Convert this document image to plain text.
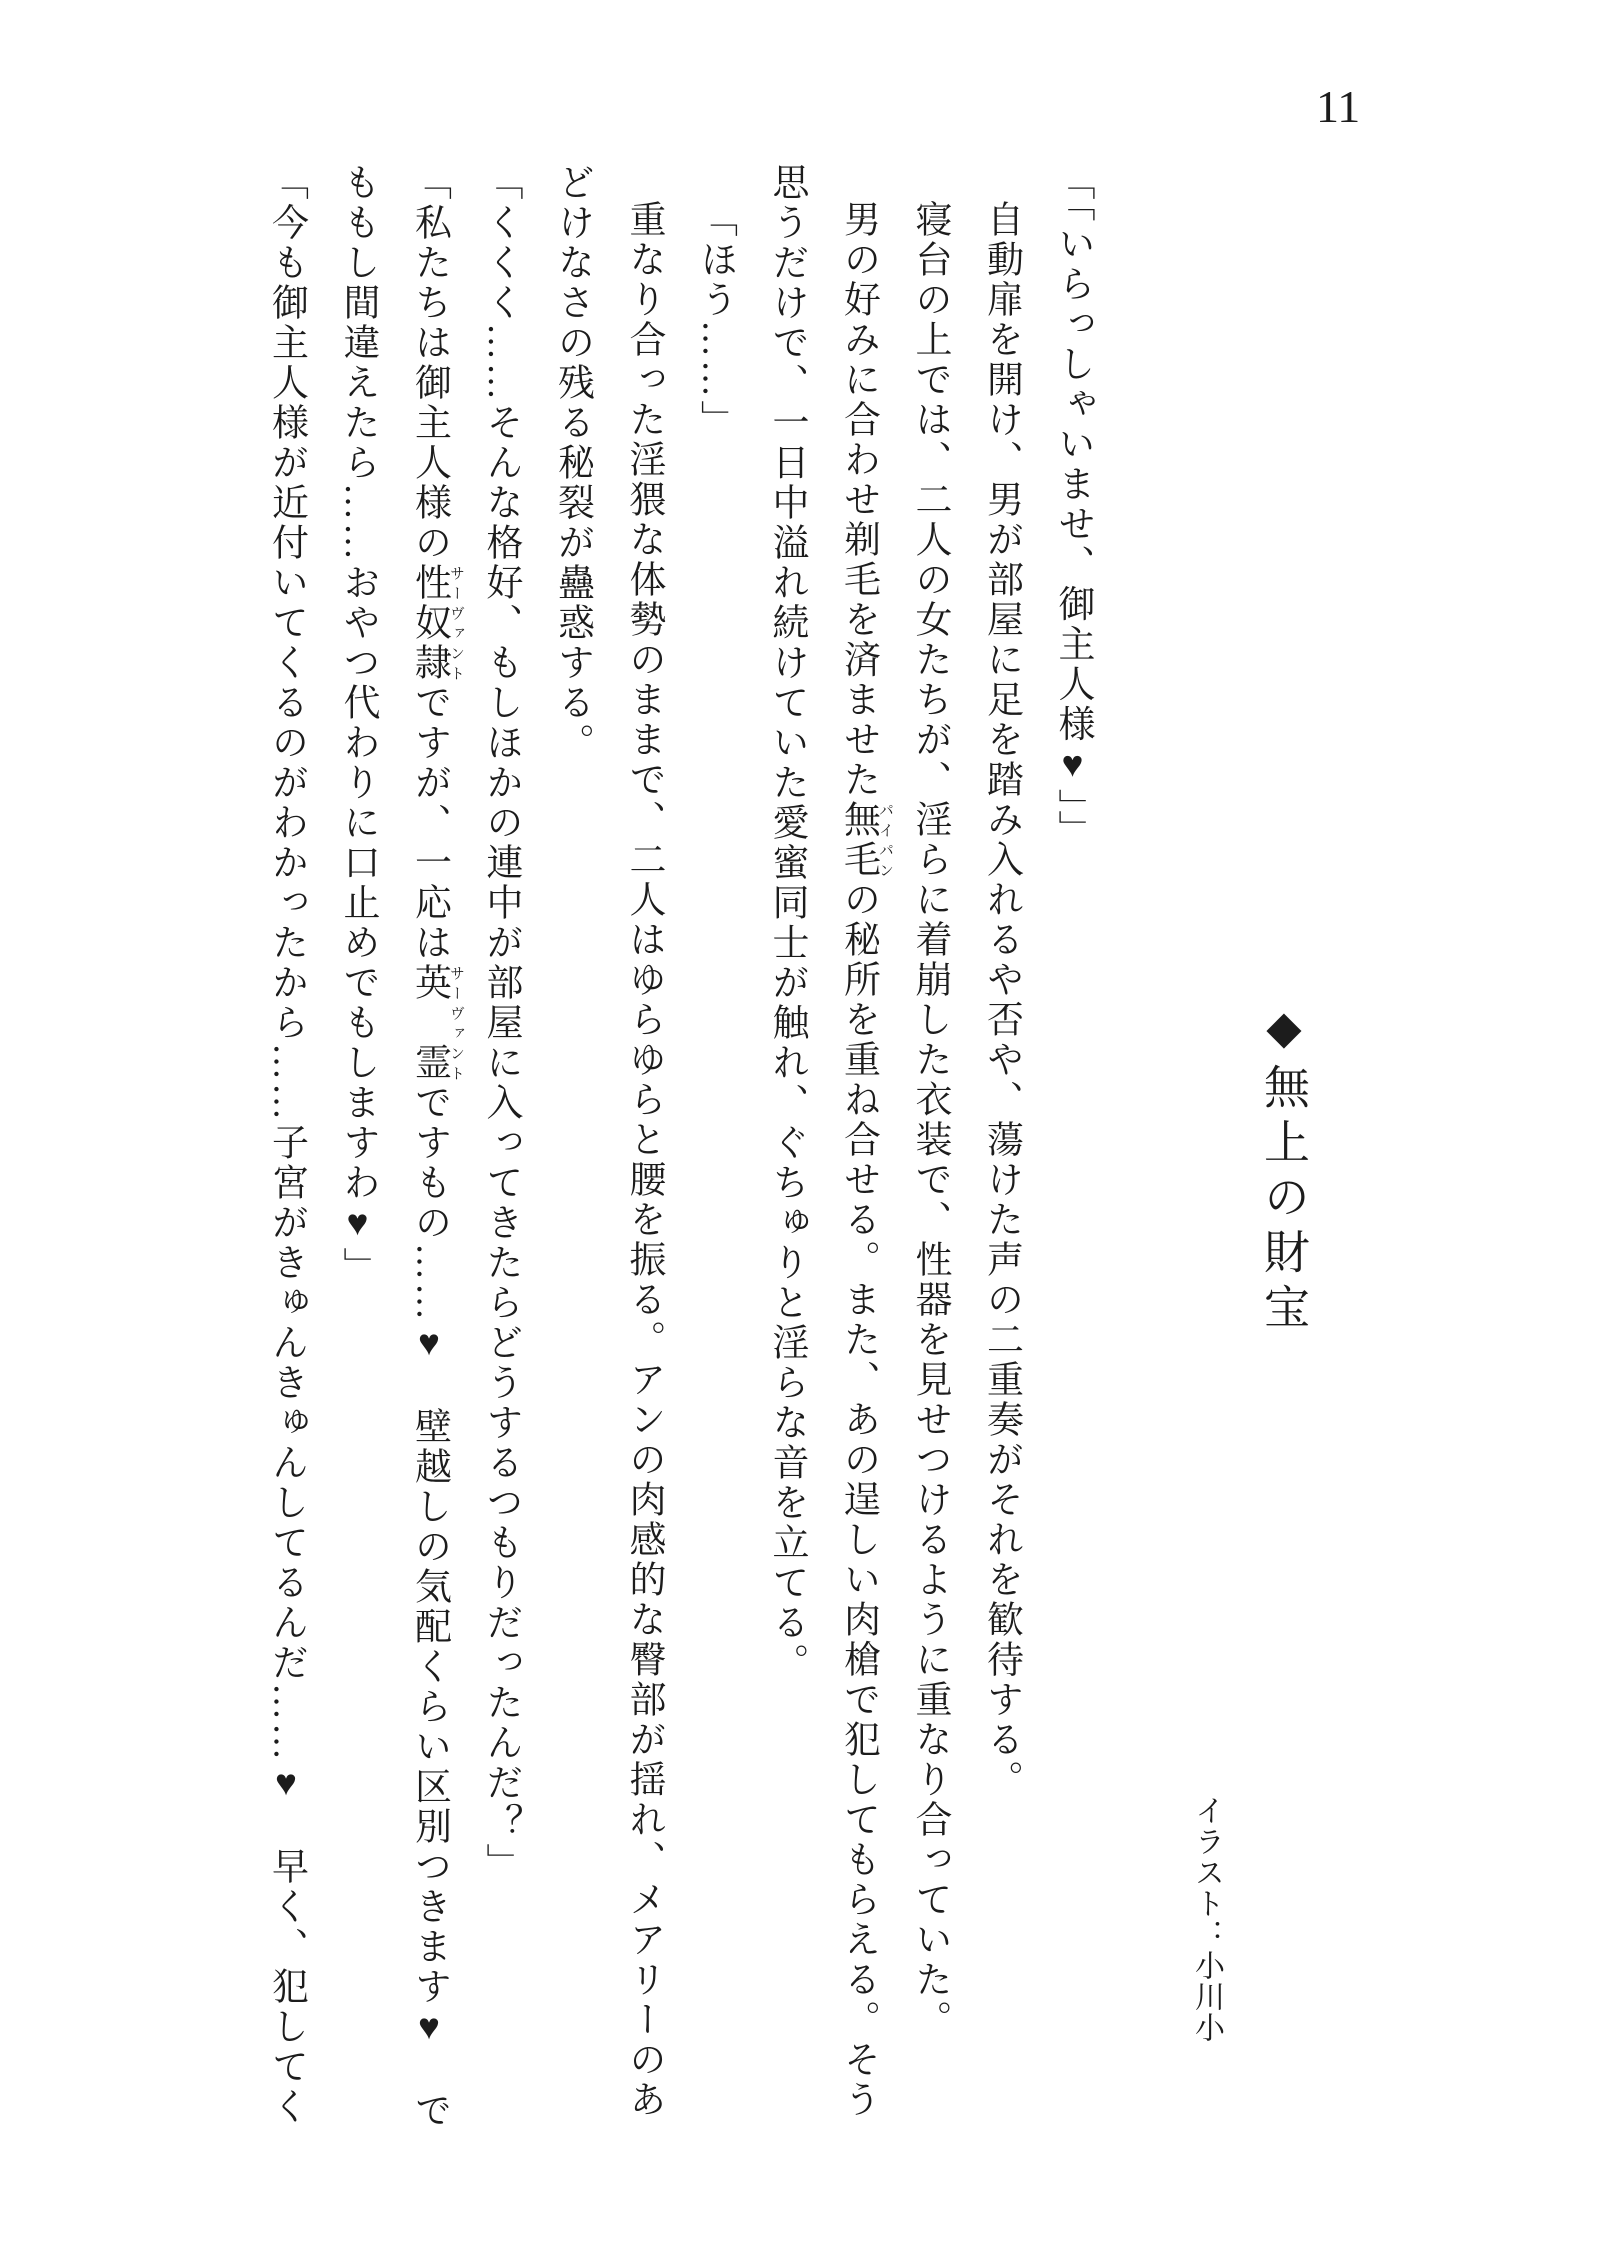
11
◆無上の財宝
イラスト：小川小

「「いらっしゃいませ、御主人様♥」」

自動扉を開け、男が部屋に足を踏み入れるや否や、蕩けた声の二重奏がそれを歓待する。

寝台の上では、二人の女たちが、淫らに着崩した衣装で、性器を見せつけるように重なり合っていた。

男の好みに合わせ剃毛を済ませた無毛パイパンの秘所を重ね合せる。また、あの逞しい肉槍で犯してもらえる。そう

思うだけで、一日中溢れ続けていた愛蜜同士が触れ、ぐちゅりと淫らな音を立てる。

「ほう……」

重なり合った淫猥な体勢のままで、二人はゆらゆらと腰を振る。アンの肉感的な臀部が揺れ、メアリーのあ

どけなさの残る秘裂が蠱惑する。

「くくく……そんな格好、もしほかの連中が部屋に入ってきたらどうするつもりだったんだ？」

「私たちは御主人様の性奴隷サーヴァントですが、一応は英　霊サーヴァントですもの……♥　壁越しの気配くらい区別つきます♥　で

ももし間違えたら……おやつ代わりに口止めでもしますわ♥」

「今も御主人様が近付いてくるのがわかったから……子宮がきゅんきゅんしてるんだ……♥　早く、犯してく
